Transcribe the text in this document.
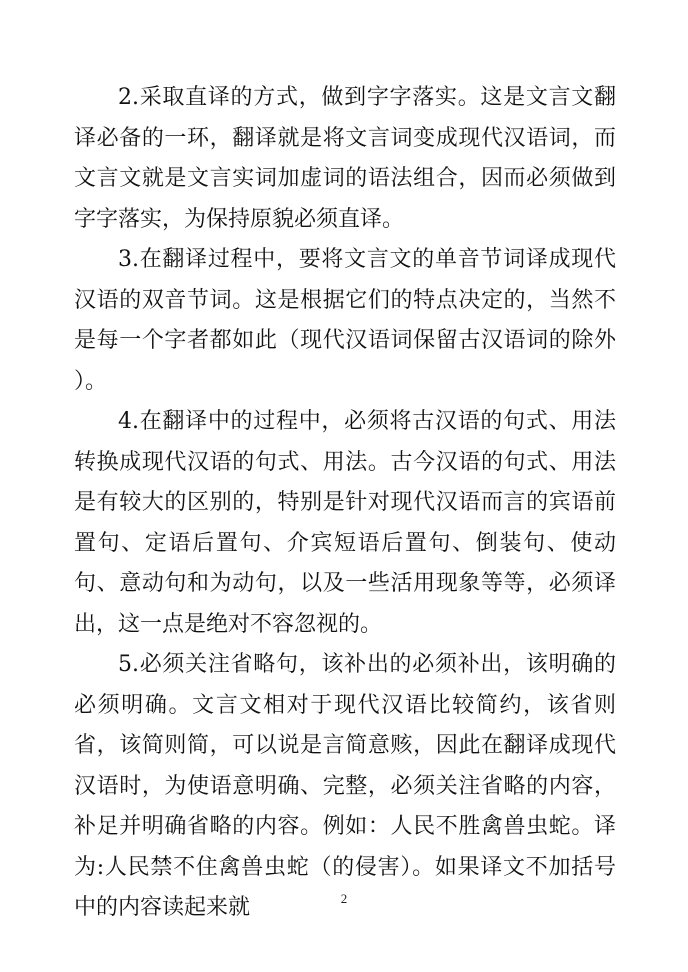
2.采取直译的方式，做到字字落实。这是文言文翻译必备的一环，翻译就是将文言词变成现代汉语词，而文言文就是文言实词加虚词的语法组合，因而必须做到字字落实，为保持原貌必须直译。

3.在翻译过程中，要将文言文的单音节词译成现代汉语的双音节词。这是根据它们的特点决定的，当然不是每一个字者都如此（现代汉语词保留古汉语词的除外 ）。

4.在翻译中的过程中，必须将古汉语的句式、用法转换成现代汉语的句式、用法。古今汉语的句式、用法是有较大的区别的，特别是针对现代汉语而言的宾语前置句、定语后置句、介宾短语后置句、倒装句、使动句、意动句和为动句，以及一些活用现象等等，必须译出，这一点是绝对不容忽视的。

5.必须关注省略句，该补出的必须补出，该明确的必须明确。文言文相对于现代汉语比较简约，该省则省，该简则简，可以说是言简意赅，因此在翻译成现代汉语时，为使语意明确、完整，必须关注省略的内容，补足并明确省略的内容。例如：人民不胜禽兽虫蛇。译为:人民禁不住禽兽虫蛇（的侵害）。如果译文不加括号中的内容读起来就	2
